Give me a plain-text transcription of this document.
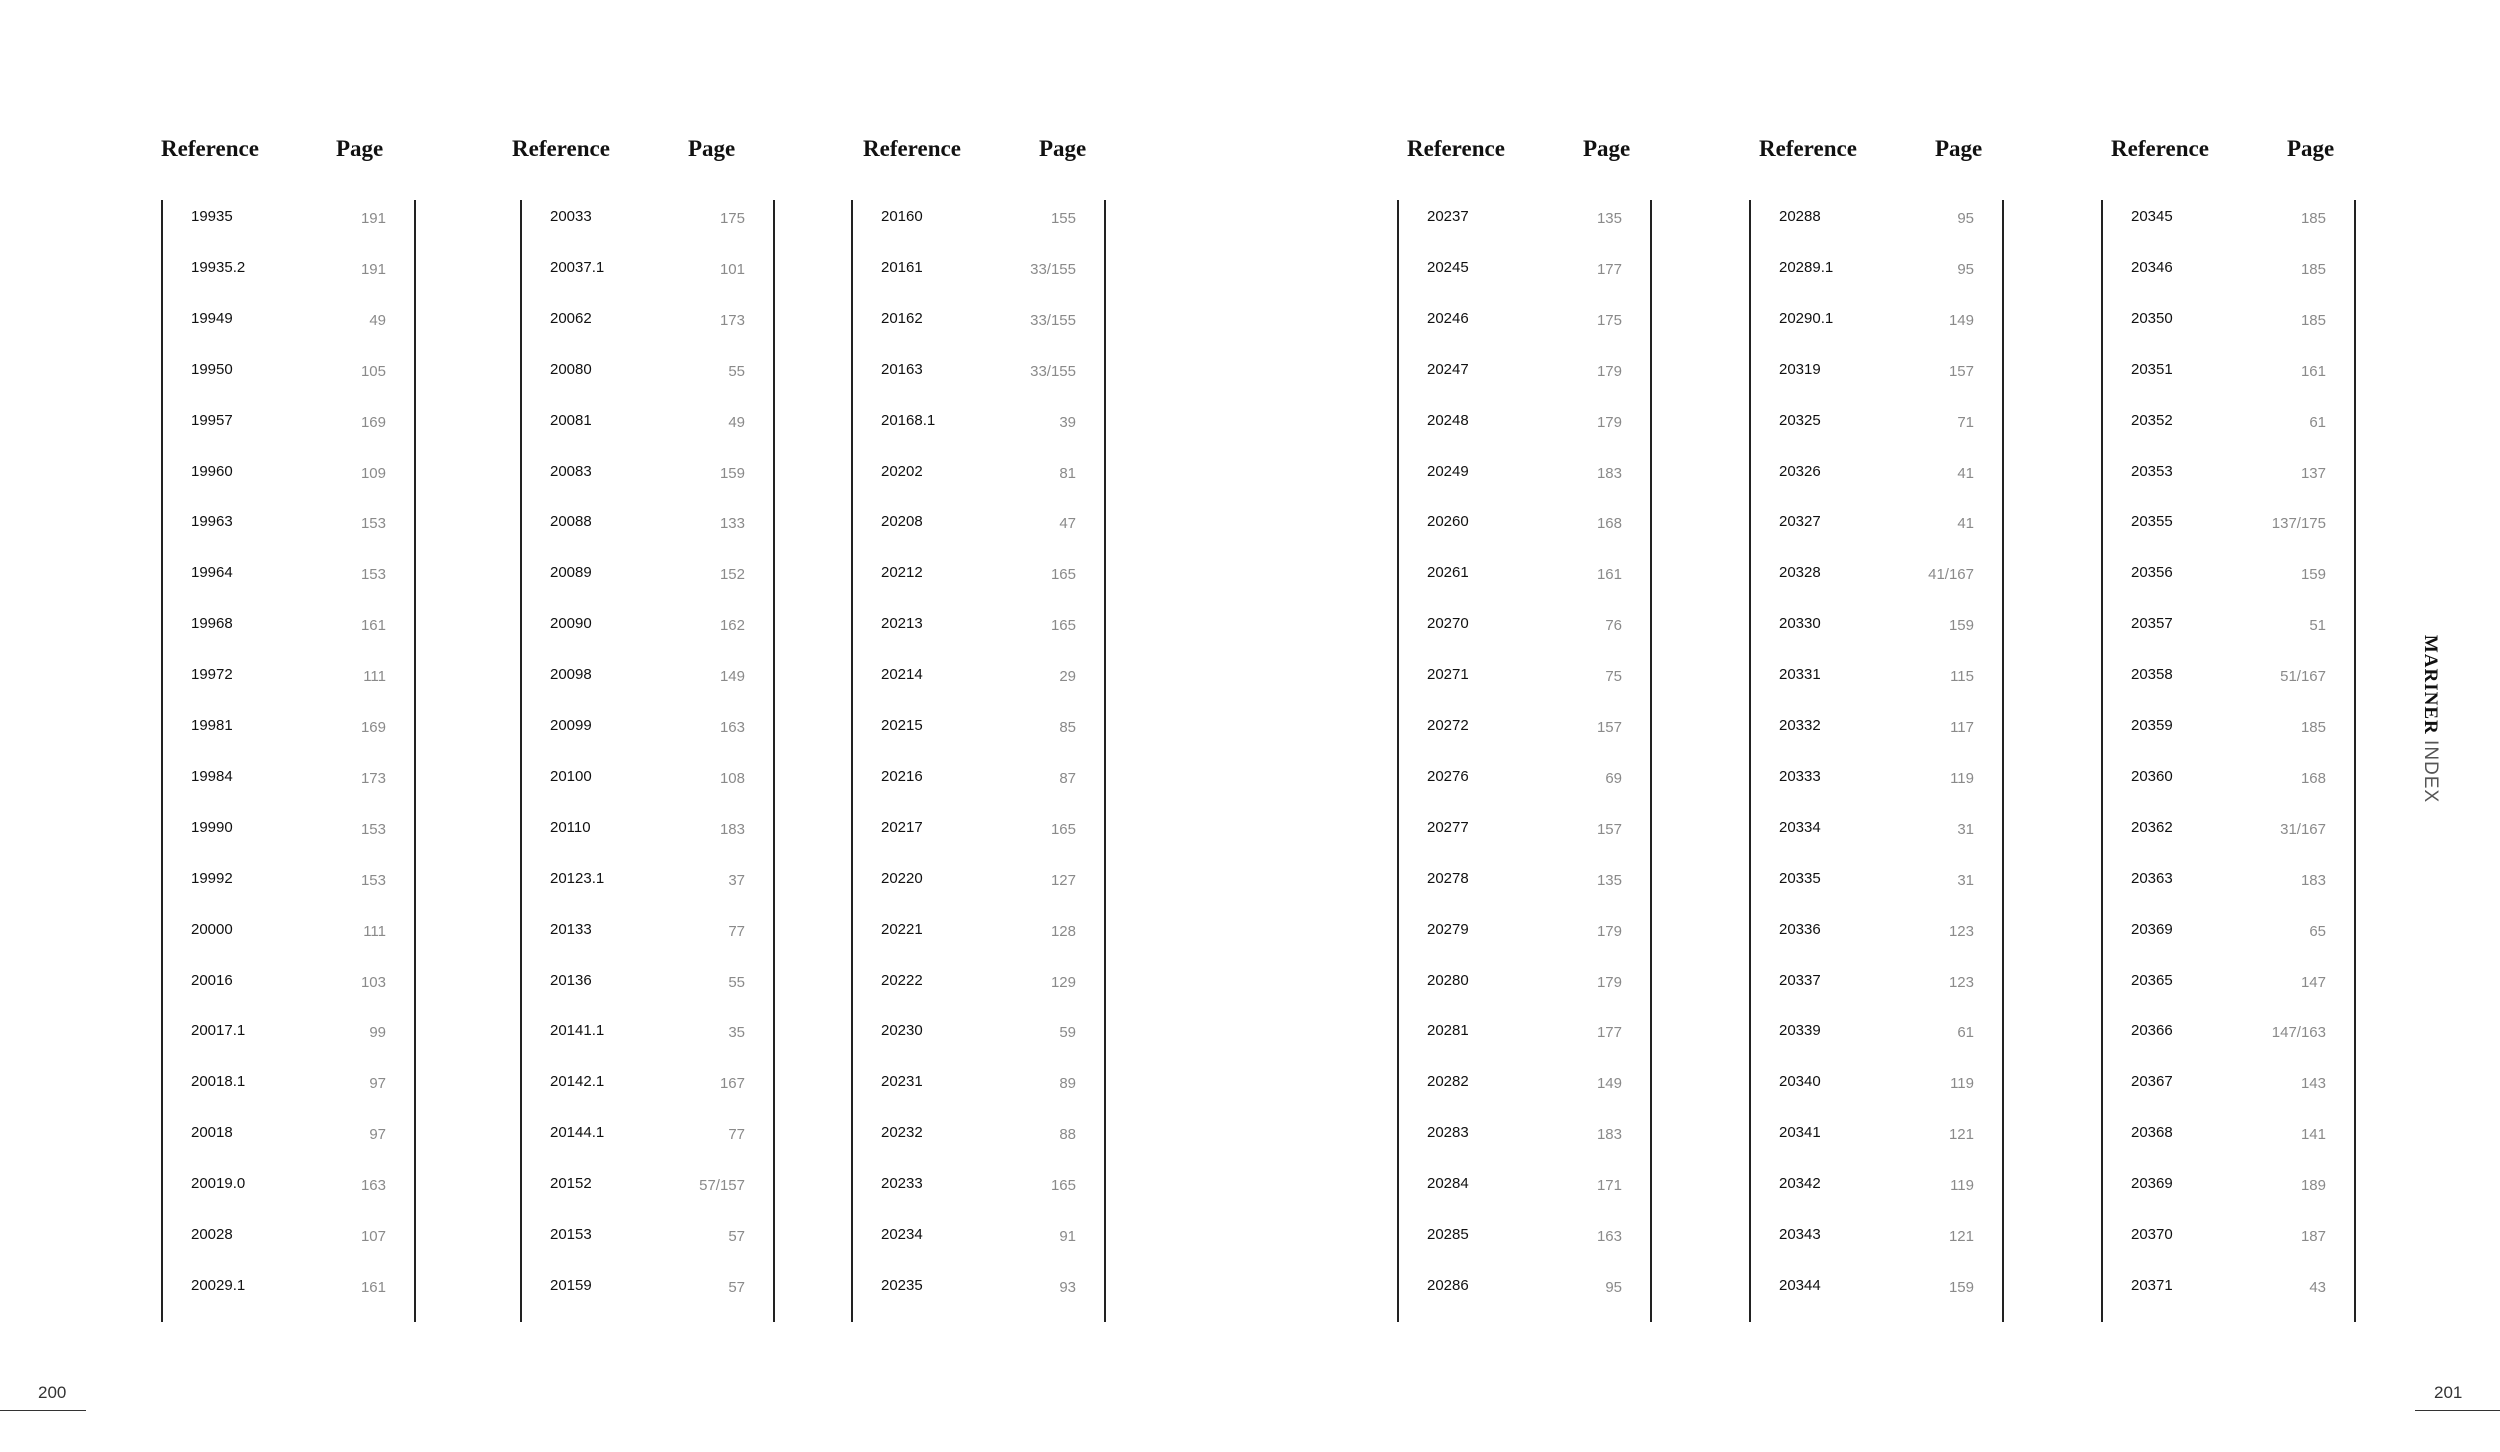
Reference	Page
19935	191
19935.2	191
19949	49
19950	105
19957	169
19960	109
19963	153
19964	153
19968	161
19972	111
19981	169
19984	173
19990	153
19992	153
20000	111
20016	103
20017.1	99
20018.1	97
20018	97
20019.0	163
20028	107
20029.1	161
Reference	Page
20033	175
20037.1	101
20062	173
20080	55
20081	49
20083	159
20088	133
20089	152
20090	162
20098	149
20099	163
20100	108
20110	183
20123.1	37
20133	77
20136	55
20141.1	35
20142.1	167
20144.1	77
20152	57/157
20153	57
20159	57
Reference	Page
20160	155
20161	33/155
20162	33/155
20163	33/155
20168.1	39
20202	81
20208	47
20212	165
20213	165
20214	29
20215	85
20216	87
20217	165
20220	127
20221	128
20222	129
20230	59
20231	89
20232	88
20233	165
20234	91
20235	93
Reference	Page
20237	135
20245	177
20246	175
20247	179
20248	179
20249	183
20260	168
20261	161
20270	76
20271	75
20272	157
20276	69
20277	157
20278	135
20279	179
20280	179
20281	177
20282	149
20283	183
20284	171
20285	163
20286	95
Reference	Page
20288	95
20289.1	95
20290.1	149
20319	157
20325	71
20326	41
20327	41
20328	41/167
20330	159
20331	115
20332	117
20333	119
20334	31
20335	31
20336	123
20337	123
20339	61
20340	119
20341	121
20342	119
20343	121
20344	159
Reference	Page
20345	185
20346	185
20350	185
20351	161
20352	61
20353	137
20355	137/175
20356	159
20357	51
20358	51/167
20359	185
20360	168
20362	31/167
20363	183
20369	65
20365	147
20366	147/163
20367	143
20368	141
20369	189
20370	187
20371	43
MARINER INDEX
200	201
